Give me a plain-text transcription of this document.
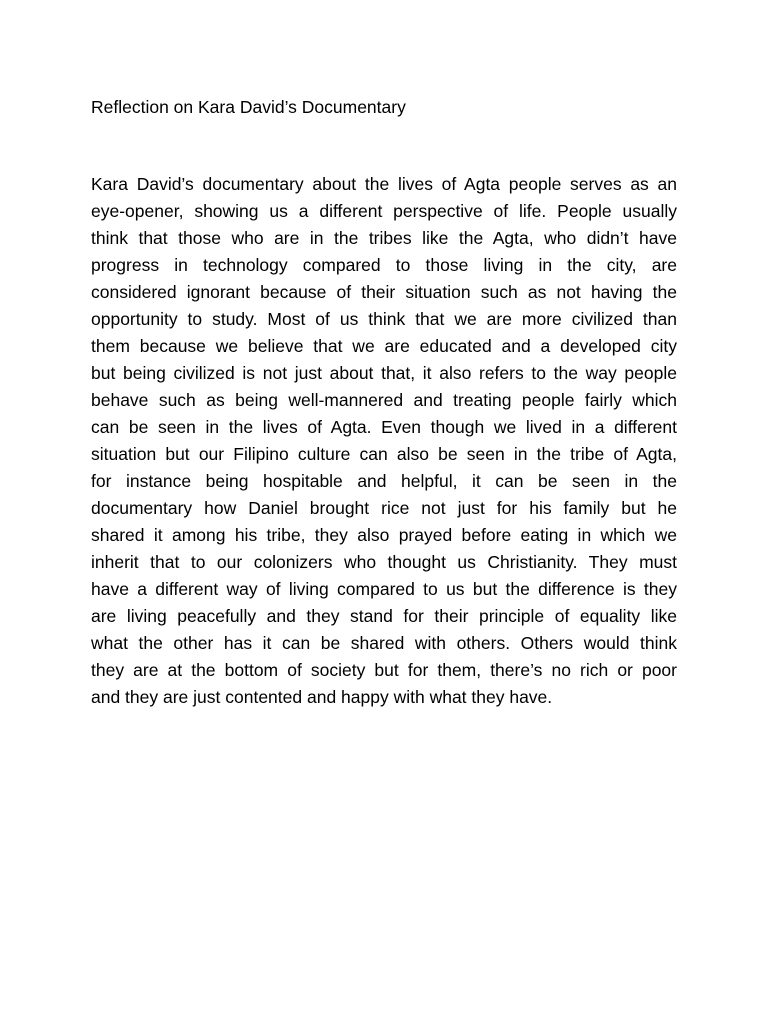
Reflection on Kara David’s Documentary
Kara David’s documentary about the lives of Agta people serves as an
eye-opener, showing us a different perspective of life. People usually
think that those who are in the tribes like the Agta, who didn’t have
progress in technology compared to those living in the city, are
considered ignorant because of their situation such as not having the
opportunity to study. Most of us think that we are more civilized than
them because we believe that we are educated and a developed city
but being civilized is not just about that, it also refers to the way people
behave such as being well-mannered and treating people fairly which
can be seen in the lives of Agta. Even though we lived in a different
situation but our Filipino culture can also be seen in the tribe of Agta,
for instance being hospitable and helpful, it can be seen in the
documentary how Daniel brought rice not just for his family but he
shared it among his tribe, they also prayed before eating in which we
inherit that to our colonizers who thought us Christianity. They must
have a different way of living compared to us but the difference is they
are living peacefully and they stand for their principle of equality like
what the other has it can be shared with others. Others would think
they are at the bottom of society but for them, there’s no rich or poor
and they are just contented and happy with what they have.
